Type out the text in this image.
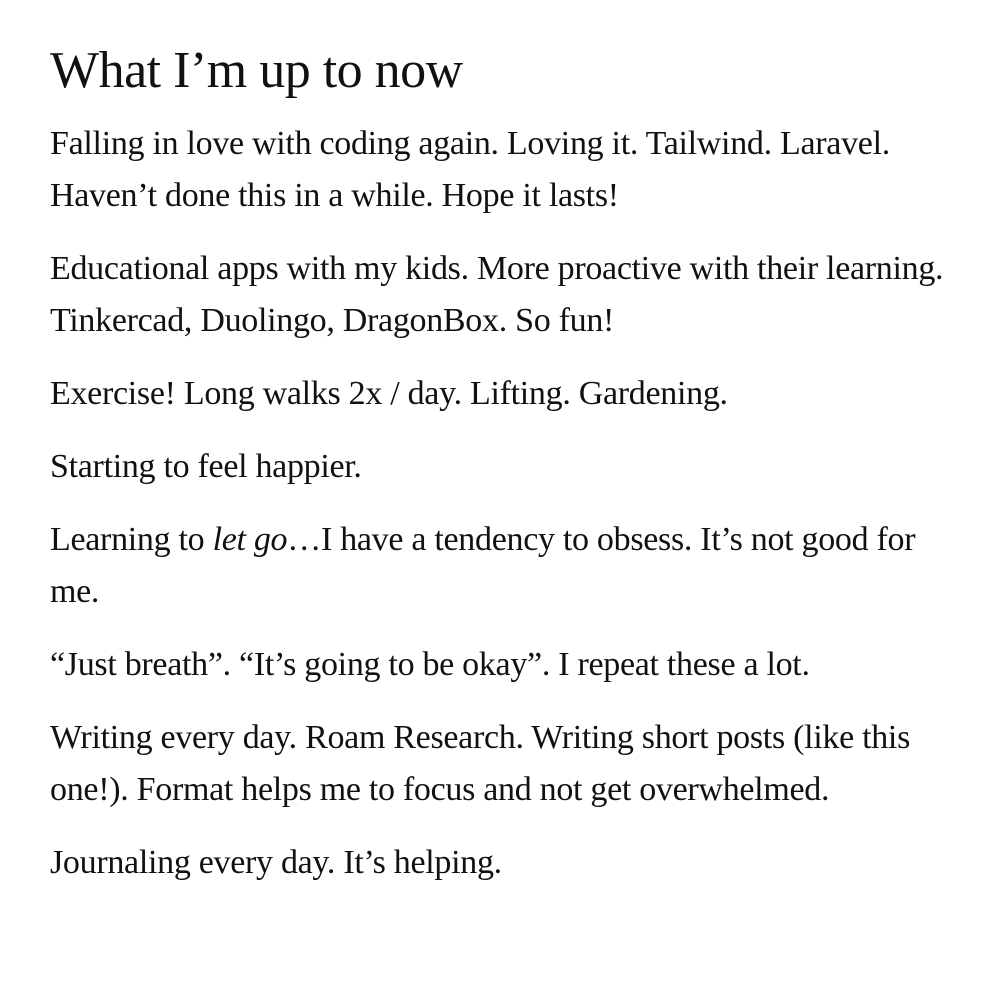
What I’m up to now

Falling in love with coding again. Loving it. Tailwind. Laravel. Haven’t done this in a while. Hope it lasts!

Educational apps with my kids. More proactive with their learning. Tinkercad, Duolingo, DragonBox. So fun!

Exercise! Long walks 2x / day. Lifting. Gardening.

Starting to feel happier.

Learning to let go…I have a tendency to obsess. It’s not good for me.

“Just breath”. “It’s going to be okay”. I repeat these a lot.

Writing every day. Roam Research. Writing short posts (like this one!). Format helps me to focus and not get overwhelmed.

Journaling every day. It’s helping.
